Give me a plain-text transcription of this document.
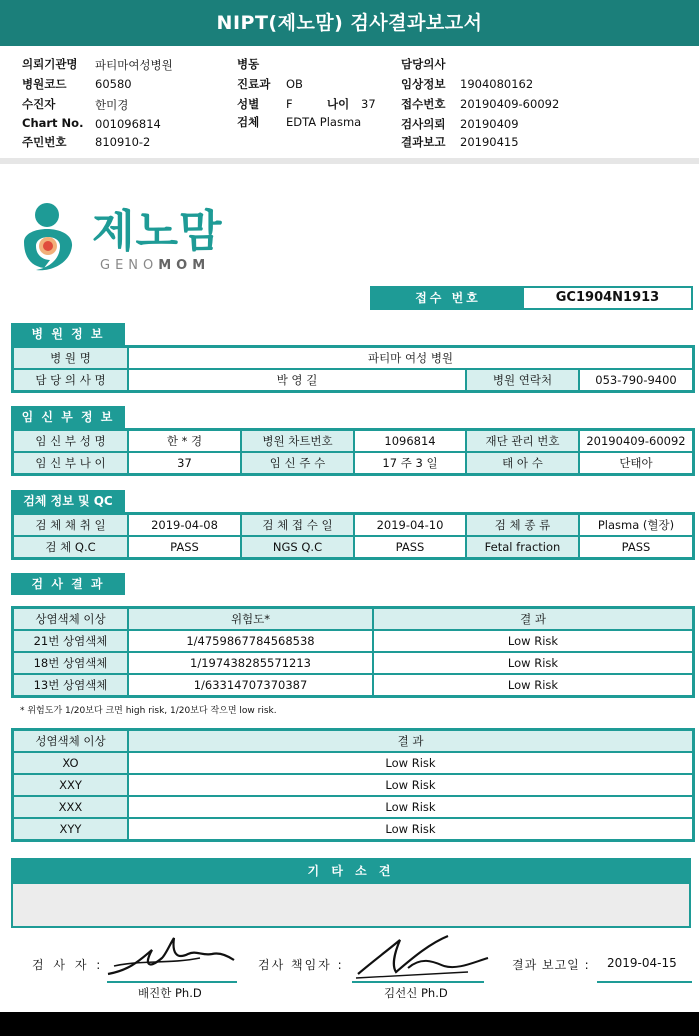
NIPT(제노맘) 검사결과보고서
의뢰기관명 파티마여성병원
병원코드 60580
수진자	한미경
Chart No. 001096814
주민번호 810910-2
병동
진료과 OB
성별 F	나이 37
검체 EDTA Plasma
담당의사
임상정보 1904080162
접수번호 20190409-60092
검사의뢰 20190409
결과보고 20190415
제노맘
GENOMOM
접수 번호	GC1904N1913
병 원 정 보
병 원 명	파티마 여성 병원		
담 당 의 사 명	박 영 길	병원 연락처	053-790-9400
임 신 부 정 보
임 신 부 성 명	한 * 경	병원 차트번호	1096814	재단 관리 번호	20190409-60092
임 신 부 나 이	37	임 신 주 수	17 주 3 일	태 아 수	단태아
검체 정보 및 QC
검 체 채 취 일	2019-04-08	검 체 접 수 일	2019-04-10	검 체 종 류	Plasma (혈장)
검 체 Q.C	PASS	NGS Q.C	PASS	Fetal fraction	PASS
검 사 결 과
상염색체 이상	위험도*	결 과
21번 상염색체	1/4759867784568538	Low Risk
18번 상염색체	1/197438285571213	Low Risk
13번 상염색체	1/63314707370387	Low Risk
* 위험도가 1/20보다 크면 high risk, 1/20보다 작으면 low risk.
성염색체 이상	결 과
XO	Low Risk
XXY	Low Risk
XXX	Low Risk
XYY	Low Risk
기 타 소 견
검 사 자 :
배진한 Ph.D
검사 책임자 :
김선신 Ph.D
결과 보고일 : 2019-04-15
